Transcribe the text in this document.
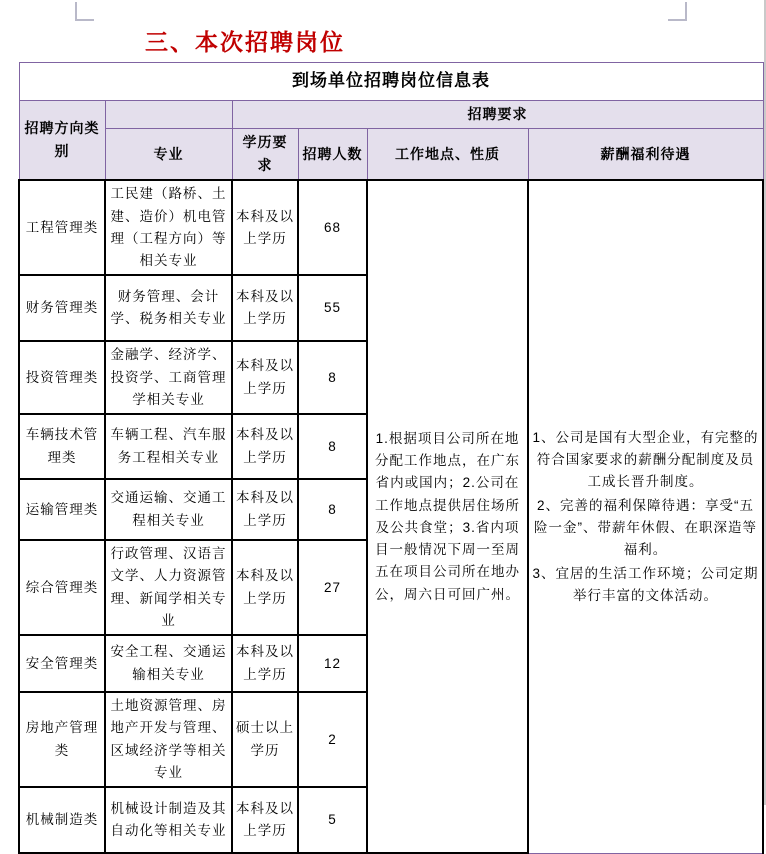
三、本次招聘岗位
到场单位招聘岗位信息表					
招聘方向类别		招聘要求			
	专业	学历要求	招聘人数	工作地点、性质	薪酬福利待遇
工程管理类	工民建（路桥、土建、造价）机电管理（工程方向）等相关专业	本科及以上学历	68	1.根据项目公司所在地分配工作地点，在广东省内或国内；2.公司在工作地点提供居住场所及公共食堂；3.省内项目一般情况下周一至周五在项目公司所在地办公，周六日可回广州。	1、公司是国有大型企业，有完整的符合国家要求的薪酬分配制度及员工成长晋升制度。
2、完善的福利保障待遇：享受“五险一金”、带薪年休假、在职深造等福利。
3、宜居的生活工作环境；公司定期举行丰富的文体活动。

财务管理类	财务管理、会计学、税务相关专业	本科及以上学历	55		
投资管理类	金融学、经济学、投资学、工商管理学相关专业	本科及以上学历	8		
车辆技术管理类	车辆工程、汽车服务工程相关专业	本科及以上学历	8		
运输管理类	交通运输、交通工程相关专业	本科及以上学历	8		
综合管理类	行政管理、汉语言文学、人力资源管理、新闻学相关专业	本科及以上学历	27		
安全管理类	安全工程、交通运输相关专业	本科及以上学历	12		
房地产管理类	土地资源管理、房地产开发与管理、区域经济学等相关专业	硕士以上学历	2		
机械制造类	机械设计制造及其自动化等相关专业	本科及以上学历	5		
